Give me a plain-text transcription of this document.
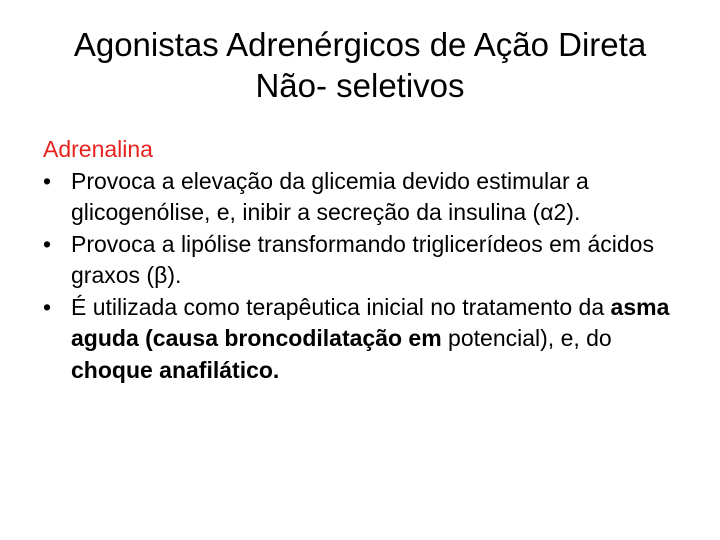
Agonistas Adrenérgicos de Ação Direta
Não- seletivos
Adrenalina
• Provoca a elevação da glicemia devido estimular a glicogenólise, e, inibir a secreção da insulina (α2).
• Provoca a lipólise transformando triglicerídeos em ácidos graxos (β).
• É utilizada como terapêutica inicial no tratamento da asma aguda (causa broncodilatação em potencial), e, do choque anafilático.
